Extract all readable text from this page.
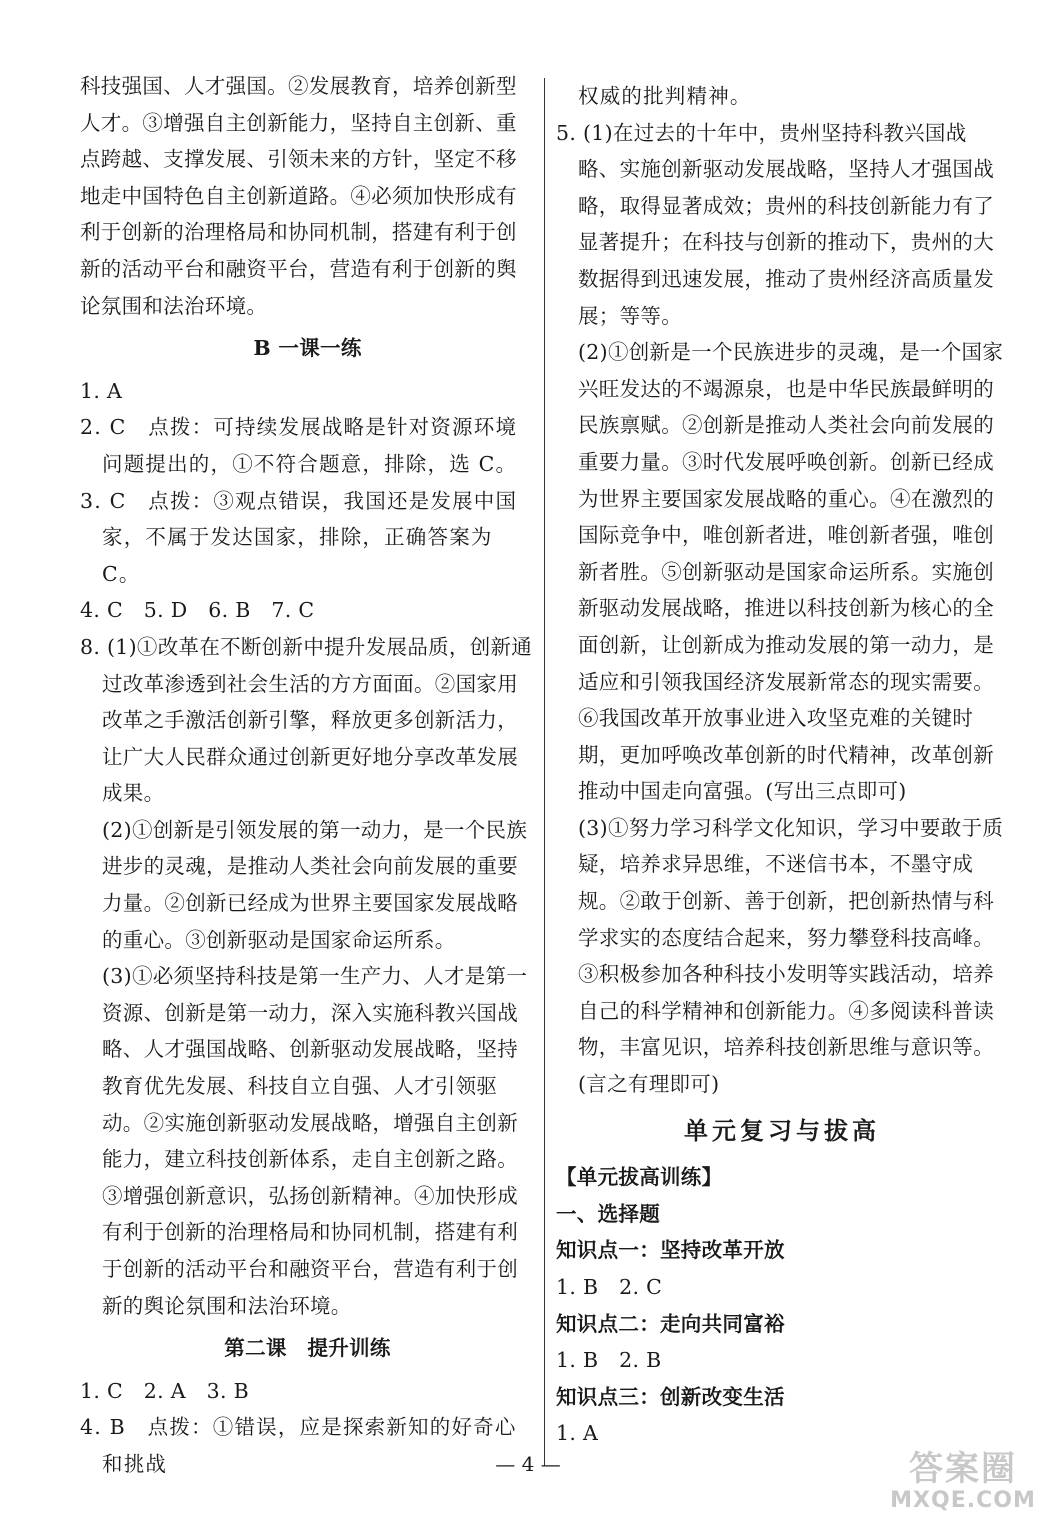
科技强国、人才强国。②发展教育，培养创新型人才。③增强自主创新能力，坚持自主创新、重点跨越、支撑发展、引领未来的方针，坚定不移地走中国特色自主创新道路。④必须加快形成有利于创新的治理格局和协同机制，搭建有利于创新的活动平台和融资平台，营造有利于创新的舆论氛围和法治环境。

B 一课一练

1. A

2. C　点拨：可持续发展战略是针对资源环境问题提出的，①不符合题意，排除，选 C。

3. C　点拨：③观点错误，我国还是发展中国家，不属于发达国家，排除，正确答案为 C。

4. C　5. D　6. B　7. C

8. (1)①改革在不断创新中提升发展品质，创新通过改革渗透到社会生活的方方面面。②国家用改革之手激活创新引擎，释放更多创新活力，让广大人民群众通过创新更好地分享改革发展成果。

(2)①创新是引领发展的第一动力，是一个民族进步的灵魂，是推动人类社会向前发展的重要力量。②创新已经成为世界主要国家发展战略的重心。③创新驱动是国家命运所系。

(3)①必须坚持科技是第一生产力、人才是第一资源、创新是第一动力，深入实施科教兴国战略、人才强国战略、创新驱动发展战略，坚持教育优先发展、科技自立自强、人才引领驱动。②实施创新驱动发展战略，增强自主创新能力，建立科技创新体系，走自主创新之路。③增强创新意识，弘扬创新精神。④加快形成有利于创新的治理格局和协同机制，搭建有利于创新的活动平台和融资平台，营造有利于创新的舆论氛围和法治环境。

第二课　提升训练

1. C　2. A　3. B

4. B　点拨：①错误，应是探索新知的好奇心和挑战

权威的批判精神。

5. (1)在过去的十年中，贵州坚持科教兴国战略、实施创新驱动发展战略，坚持人才强国战略，取得显著成效；贵州的科技创新能力有了显著提升；在科技与创新的推动下，贵州的大数据得到迅速发展，推动了贵州经济高质量发展；等等。

(2)①创新是一个民族进步的灵魂，是一个国家兴旺发达的不竭源泉，也是中华民族最鲜明的民族禀赋。②创新是推动人类社会向前发展的重要力量。③时代发展呼唤创新。创新已经成为世界主要国家发展战略的重心。④在激烈的国际竞争中，唯创新者进，唯创新者强，唯创新者胜。⑤创新驱动是国家命运所系。实施创新驱动发展战略，推进以科技创新为核心的全面创新，让创新成为推动发展的第一动力，是适应和引领我国经济发展新常态的现实需要。⑥我国改革开放事业进入攻坚克难的关键时期，更加呼唤改革创新的时代精神，改革创新推动中国走向富强。(写出三点即可)

(3)①努力学习科学文化知识，学习中要敢于质疑，培养求异思维，不迷信书本，不墨守成规。②敢于创新、善于创新，把创新热情与科学求实的态度结合起来，努力攀登科技高峰。③积极参加各种科技小发明等实践活动，培养自己的科学精神和创新能力。④多阅读科普读物，丰富见识，培养科技创新思维与意识等。(言之有理即可)

单元复习与拔高

【单元拔高训练】

一、选择题

知识点一：坚持改革开放

1. B　2. C

知识点二：走向共同富裕

1. B　2. B

知识点三：创新改变生活

1. A

— 4 —	答案圈
MXQE.COM
